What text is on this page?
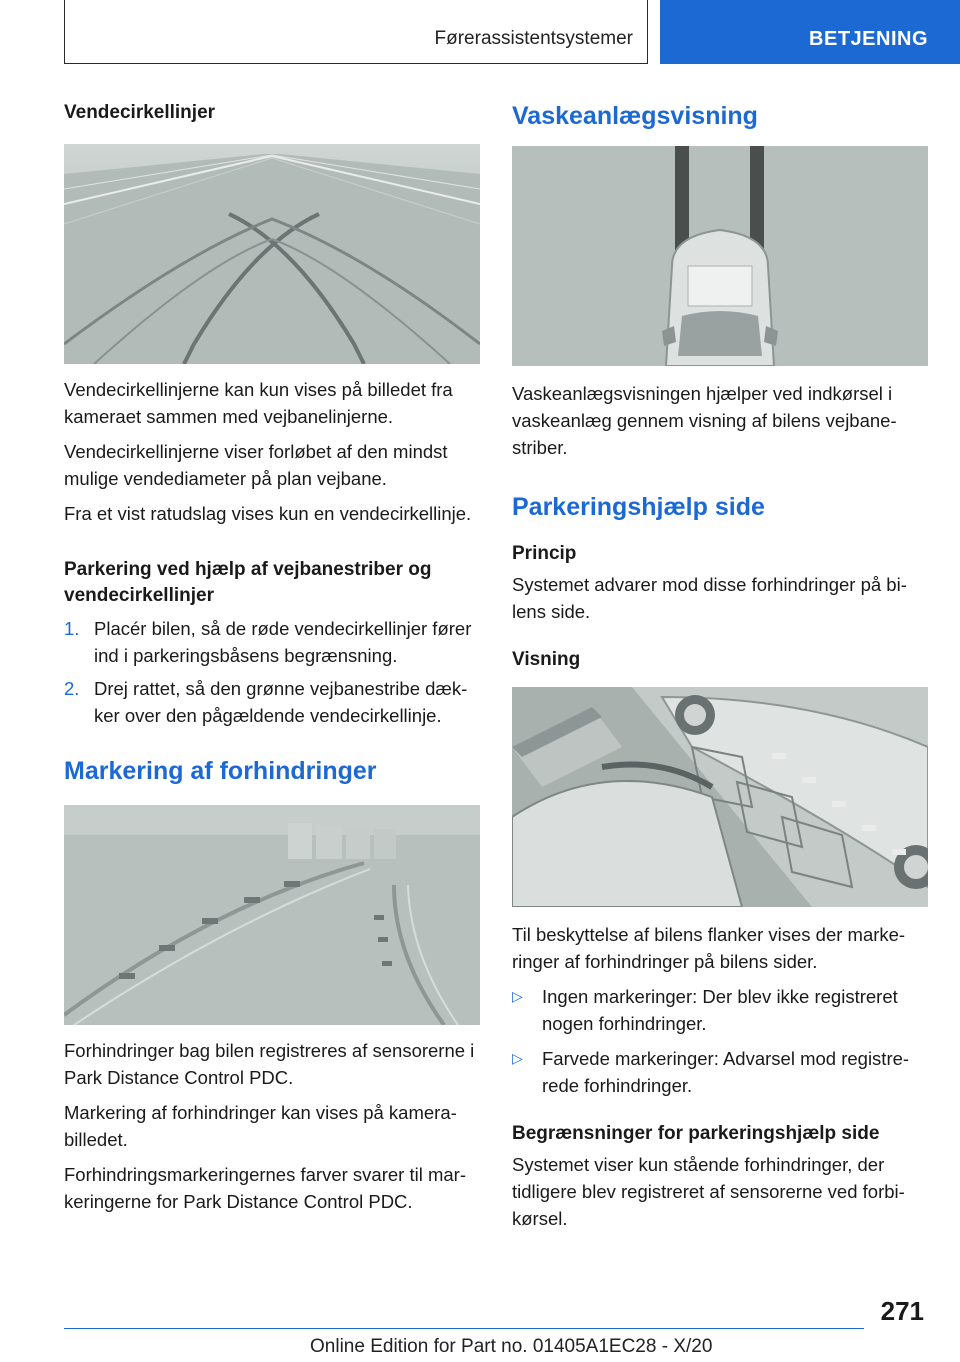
Førerassistentsystemer	BETJENING
Vendecirkellinjer

Vendecirkellinjerne kan kun vises på billedet fra kameraet sammen med vejbanelinjerne.

Vendecirkellinjerne viser forløbet af den mindst mulige vendediameter på plan vejbane.

Fra et vist ratudslag vises kun en vendecirkellinje.

Parkering ved hjælp af vejbanestriber og vendecirkellinjer
1. Placér bilen, så de røde vendecirkellinjer fører ind i parkeringsbåsens begrænsning.
2. Drej rattet, så den grønne vejbanestribe dæk-ker over den pågældende vendecirkellinje.
Markering af forhindringer

Forhindringer bag bilen registreres af sensorerne i Park Distance Control PDC.

Markering af forhindringer kan vises på kamera-billedet.

Forhindringsmarkeringernes farver svarer til mar-keringerne for Park Distance Control PDC.

Vaskeanlægsvisning

Vaskeanlægsvisningen hjælper ved indkørsel i vaskeanlæg gennem visning af bilens vejbane-striber.

Parkeringshjælp side
Princip

Systemet advarer mod disse forhindringer på bi-lens side.

Visning

Til beskyttelse af bilens flanker vises der marke-ringer af forhindringer på bilens sider.

▷ Ingen markeringer: Der blev ikke registreret nogen forhindringer.
▷ Farvede markeringer: Advarsel mod registre-rede forhindringer.
Begrænsninger for parkeringshjælp side

Systemet viser kun stående forhindringer, der tidligere blev registreret af sensorerne ved forbi-kørsel.

271
Online Edition for Part no. 01405A1EC28 - X/20
